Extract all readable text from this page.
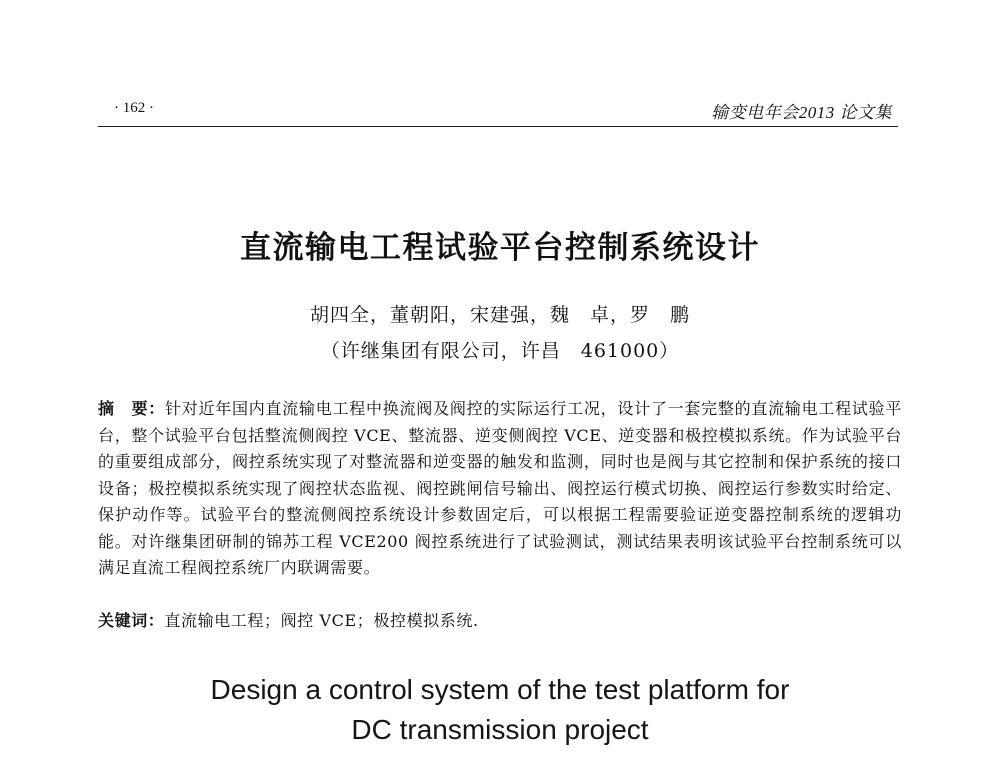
· 162 ·	输变电年会2013 论文集
直流输电工程试验平台控制系统设计
胡四全，董朝阳，宋建强，魏　卓，罗　鹏
（许继集团有限公司，许昌　461000）
摘　要：针对近年国内直流输电工程中换流阀及阀控的实际运行工况，设计了一套完整的直流输电工程试验平台，整个试验平台包括整流侧阀控 VCE、整流器、逆变侧阀控 VCE、逆变器和极控模拟系统。作为试验平台的重要组成部分，阀控系统实现了对整流器和逆变器的触发和监测，同时也是阀与其它控制和保护系统的接口设备；极控模拟系统实现了阀控状态监视、阀控跳闸信号输出、阀控运行模式切换、阀控运行参数实时给定、保护动作等。试验平台的整流侧阀控系统设计参数固定后，可以根据工程需要验证逆变器控制系统的逻辑功能。对许继集团研制的锦苏工程 VCE200 阀控系统进行了试验测试，测试结果表明该试验平台控制系统可以满足直流工程阀控系统厂内联调需要。
关键词：直流输电工程；阀控 VCE；极控模拟系统.
Design a control system of the test platform for
DC transmission project
